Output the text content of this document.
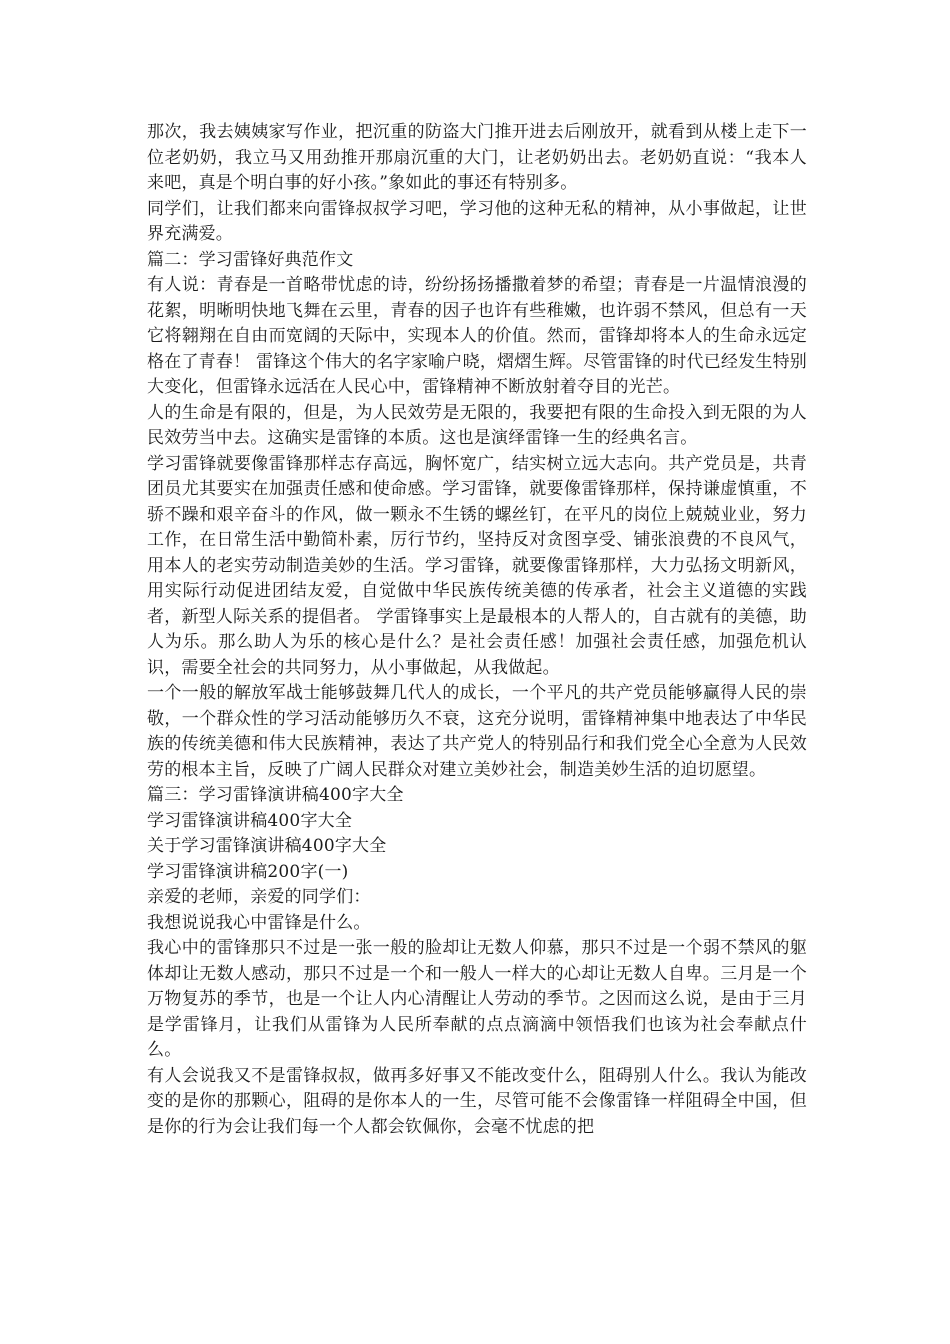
那次，我去姨姨家写作业，把沉重的防盗大门推开进去后刚放开，就看到从楼上走下一位老奶奶，我立马又用劲推开那扇沉重的大门，让老奶奶出去。老奶奶直说：“我本人来吧，真是个明白事的好小孩。”象如此的事还有特别多。

同学们，让我们都来向雷锋叔叔学习吧，学习他的这种无私的精神，从小事做起，让世界充满爱。

篇二：学习雷锋好典范作文

有人说：青春是一首略带忧虑的诗，纷纷扬扬播撒着梦的希望；青春是一片温情浪漫的花絮，明晰明快地飞舞在云里，青春的因子也许有些稚嫩，也许弱不禁风，但总有一天它将翱翔在自由而宽阔的天际中，实现本人的价值。然而，雷锋却将本人的生命永远定格在了青春！ 雷锋这个伟大的名字家喻户晓，熠熠生辉。尽管雷锋的时代已经发生特别大变化，但雷锋永远活在人民心中，雷锋精神不断放射着夺目的光芒。

人的生命是有限的，但是，为人民效劳是无限的，我要把有限的生命投入到无限的为人民效劳当中去。这确实是雷锋的本质。这也是演绎雷锋一生的经典名言。

学习雷锋就要像雷锋那样志存高远，胸怀宽广，结实树立远大志向。共产党员是，共青团员尤其要实在加强责任感和使命感。学习雷锋，就要像雷锋那样，保持谦虚慎重，不骄不躁和艰辛奋斗的作风，做一颗永不生锈的螺丝钉，在平凡的岗位上兢兢业业，努力工作，在日常生活中勤简朴素，厉行节约，坚持反对贪图享受、铺张浪费的不良风气，用本人的老实劳动制造美妙的生活。学习雷锋，就要像雷锋那样，大力弘扬文明新风，用实际行动促进团结友爱，自觉做中华民族传统美德的传承者，社会主义道德的实践者，新型人际关系的提倡者。 学雷锋事实上是最根本的人帮人的，自古就有的美德，助人为乐。那么助人为乐的核心是什么？是社会责任感！加强社会责任感，加强危机认识，需要全社会的共同努力，从小事做起，从我做起。

一个一般的解放军战士能够鼓舞几代人的成长，一个平凡的共产党员能够赢得人民的崇敬，一个群众性的学习活动能够历久不衰，这充分说明，雷锋精神集中地表达了中华民族的传统美德和伟大民族精神，表达了共产党人的特别品行和我们党全心全意为人民效劳的根本主旨，反映了广阔人民群众对建立美妙社会，制造美妙生活的迫切愿望。

篇三：学习雷锋演讲稿400字大全

学习雷锋演讲稿400字大全

关于学习雷锋演讲稿400字大全

学习雷锋演讲稿200字(一)

亲爱的老师，亲爱的同学们：

我想说说我心中雷锋是什么。

我心中的雷锋那只不过是一张一般的脸却让无数人仰慕，那只不过是一个弱不禁风的躯体却让无数人感动，那只不过是一个和一般人一样大的心却让无数人自卑。三月是一个万物复苏的季节，也是一个让人内心清醒让人劳动的季节。之因而这么说，是由于三月是学雷锋月，让我们从雷锋为人民所奉献的点点滴滴中领悟我们也该为社会奉献点什么。

有人会说我又不是雷锋叔叔，做再多好事又不能改变什么，阻碍别人什么。我认为能改变的是你的那颗心，阻碍的是你本人的一生，尽管可能不会像雷锋一样阻碍全中国，但是你的行为会让我们每一个人都会钦佩你，会毫不忧虑的把
